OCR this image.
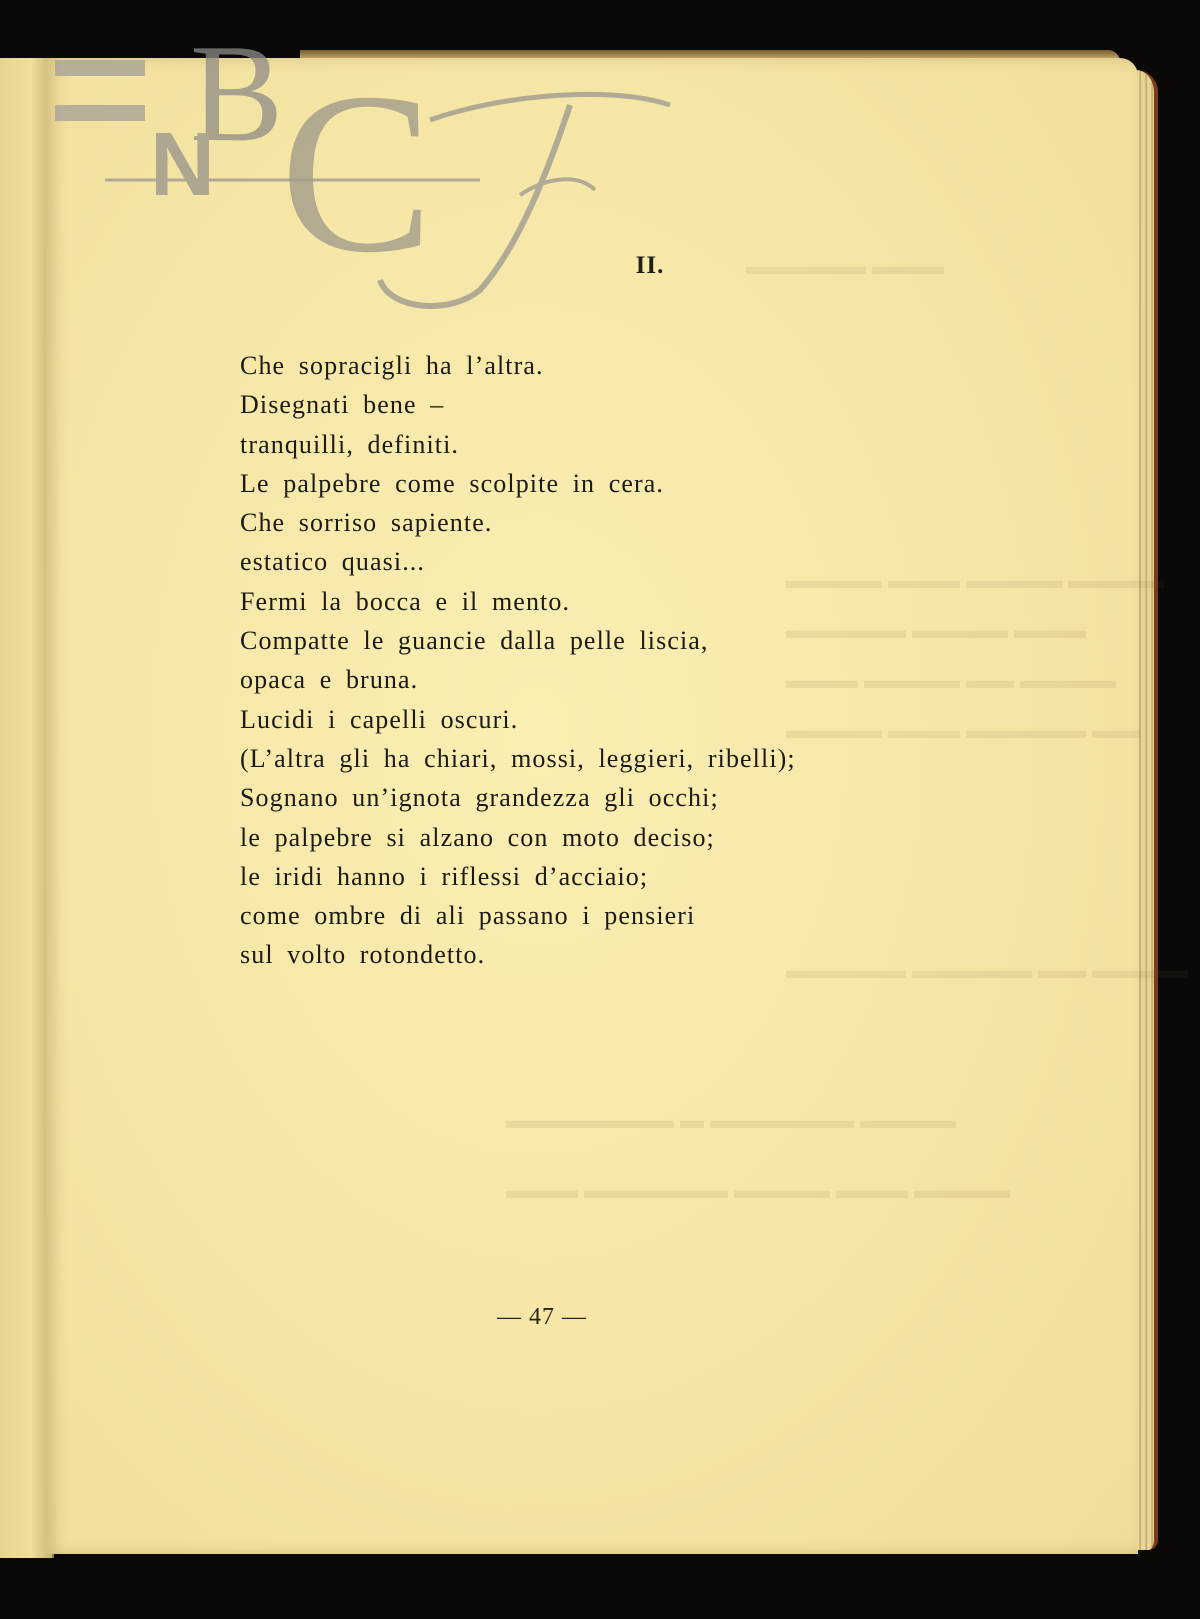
▬▬▬ ▬▬▬▬▬
▬▬▬▬ ▬▬▬▬ ▬▬▬ ▬▬▬▬
▬▬▬ ▬▬▬▬ ▬▬▬▬▬
▬▬▬▬ ▬▬ ▬▬▬▬ ▬▬▬
▬▬ ▬▬▬▬▬ ▬▬▬ ▬▬▬▬
▬▬▬▬ ▬▬ ▬▬▬▬▬ ▬▬▬▬▬
▬▬▬▬ ▬▬▬▬▬▬ ▬ ▬▬▬▬▬▬▬
▬▬▬▬ ▬▬▬ ▬▬▬▬ ▬▬▬▬▬▬ ▬▬▬
B
N C	II.
Che sopracigli ha l’altra.
Disegnati bene –
tranquilli, definiti.
Le palpebre come scolpite in cera.
Che sorriso sapiente.
estatico quasi...
Fermi la bocca e il mento.
Compatte le guancie dalla pelle liscia,
opaca e bruna.
Lucidi i capelli oscuri.
(L’altra gli ha chiari, mossi, leggieri, ribelli);
Sognano un’ignota grandezza gli occhi;
le palpebre si alzano con moto deciso;
le iridi hanno i riflessi d’acciaio;
come ombre di ali passano i pensieri
sul volto rotondetto.
— 47 —
